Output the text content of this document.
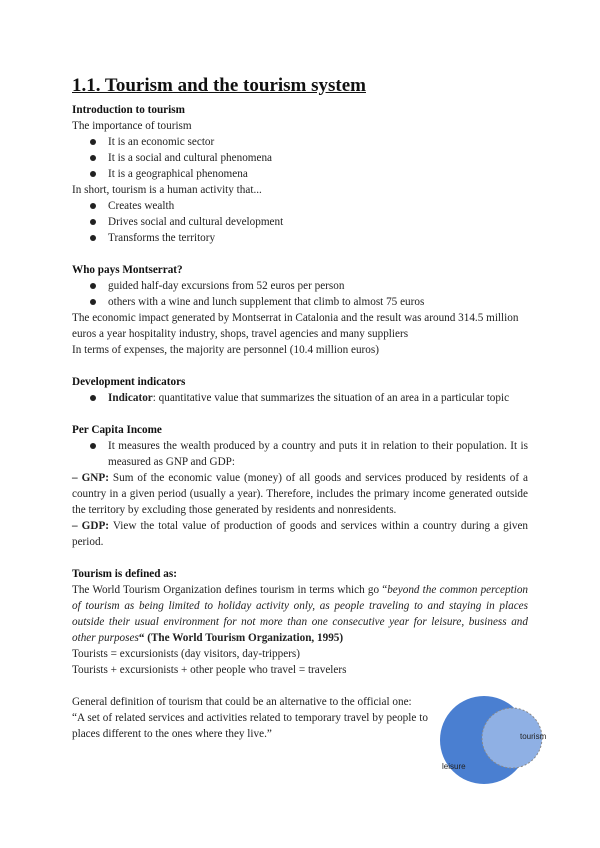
1.1. Tourism and the tourism system
Introduction to tourism
The importance of tourism
It is an economic sector
It is a social and cultural phenomena
It is a geographical phenomena
In short, tourism is a human activity that...
Creates wealth
Drives social and cultural development
Transforms the territory
Who pays Montserrat?
guided half-day excursions from 52 euros per person
others with a wine and lunch supplement that climb to almost 75 euros
The economic impact generated by Montserrat in Catalonia and the result was around 314.5 million euros a year hospitality industry, shops, travel agencies and many suppliers
In terms of expenses, the majority are personnel (10.4 million euros)
Development indicators
Indicator: quantitative value that summarizes the situation of an area in a particular topic
Per Capita Income
It measures the wealth produced by a country and puts it in relation to their population. It is measured as GNP and GDP:
– GNP: Sum of the economic value (money) of all goods and services produced by residents of a country in a given period (usually a year). Therefore, includes the primary income generated outside the territory by excluding those generated by residents and nonresidents.
– GDP: View the total value of production of goods and services within a country during a given period.
Tourism is defined as:
The World Tourism Organization defines tourism in terms which go “beyond the common perception of tourism as being limited to holiday activity only, as people traveling to and staying in places outside their usual environment for not more than one consecutive year for leisure, business and other purposes“ (The World Tourism Organization, 1995)
Tourists = excursionists (day visitors, day-trippers)
Tourists + excursionists + other people who travel = travelers
General definition of tourism that could be an alternative to the official one:
“A set of related services and activities related to temporary travel by people to places different to the ones where they live.”
leisure
tourism
